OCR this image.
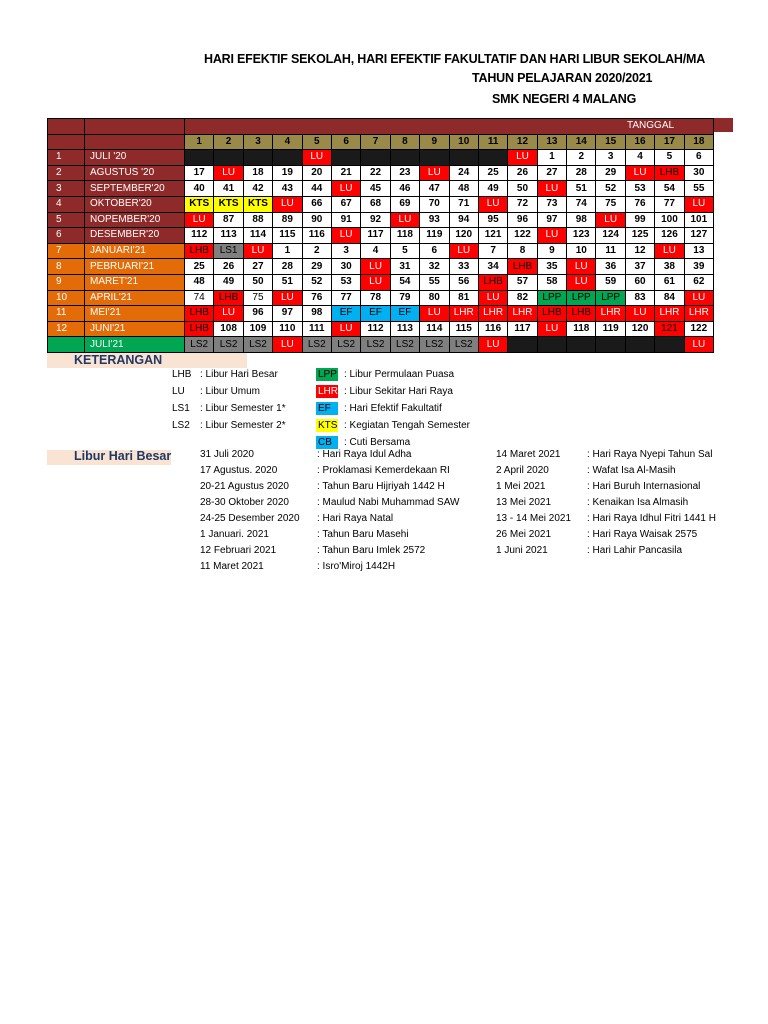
HARI EFEKTIF SEKOLAH, HARI EFEKTIF FAKULTATIF DAN HARI LIBUR SEKOLAH/MA
TAHUN PELAJARAN 2020/2021
SMK NEGERI 4 MALANG
		TANGGAL																	
		1	2	3	4	5	6	7	8	9	10	11	12	13	14	15	16	17	18
1	JULI '20					LU							LU	1	2	3	4	5	6
2	AGUSTUS '20	17	LU	18	19	20	21	22	23	LU	24	25	26	27	28	29	LU	LHB	30
3	SEPTEMBER'20	40	41	42	43	44	LU	45	46	47	48	49	50	LU	51	52	53	54	55
4	OKTOBER'20	KTS	KTS	KTS	LU	66	67	68	69	70	71	LU	72	73	74	75	76	77	LU
5	NOPEMBER'20	LU	87	88	89	90	91	92	LU	93	94	95	96	97	98	LU	99	100	101
6	DESEMBER'20	112	113	114	115	116	LU	117	118	119	120	121	122	LU	123	124	125	126	127
7	JANUARI'21	LHB	LS1	LU	1	2	3	4	5	6	LU	7	8	9	10	11	12	LU	13
8	PEBRUARI'21	25	26	27	28	29	30	LU	31	32	33	34	LHB	35	LU	36	37	38	39
9	MARET'21	48	49	50	51	52	53	LU	54	55	56	LHB	57	58	LU	59	60	61	62
10	APRIL'21	74	LHB	75	LU	76	77	78	79	80	81	LU	82	LPP	LPP	LPP	83	84	LU
11	MEI'21	LHB	LU	96	97	98	EF	EF	EF	LU	LHR	LHR	LHR	LHB	LHB	LHR	LU	LHR	LHR
12	JUNI'21	LHB	108	109	110	111	LU	112	113	114	115	116	117	LU	118	119	120	121	122
	JULI'21	LS2	LS2	LS2	LU	LS2	LS2	LS2	LS2	LS2	LS2	LU							LU
KETERANGAN
LHB : Libur Hari Besar
LU : Libur Umum
LS1 : Libur Semester 1*
LS2 : Libur Semester 2*
LPP : Libur Permulaan Puasa
LHR : Libur Sekitar Hari Raya
EF	: Hari Efektif Fakultatif
KTS : Kegiatan Tengah Semester
CB	: Cuti Bersama
Libur Hari Besar	31 Juli 2020	: Hari Raya Idul Adha
17 Agustus. 2020	: Proklamasi Kemerdekaan RI
20-21 Agustus 2020	: Tahun Baru Hijriyah 1442 H
28-30 Oktober 2020	: Maulud Nabi Muhammad SAW
24-25 Desember 2020 : Hari Raya Natal
1 Januari. 2021	: Tahun Baru Masehi
12 Februari 2021	: Tahun Baru Imlek 2572
11 Maret 2021	: Isro'Miroj 1442H
14 Maret 2021	: Hari Raya Nyepi Tahun Sal
2 April 2020	: Wafat Isa Al-Masih
1 Mei 2021	: Hari Buruh Internasional
13 Mei 2021	: Kenaikan Isa Almasih
13 - 14 Mei 2021 : Hari Raya Idhul Fitri 1441 H
26 Mei 2021	: Hari Raya Waisak 2575
1 Juni 2021	: Hari Lahir Pancasila
